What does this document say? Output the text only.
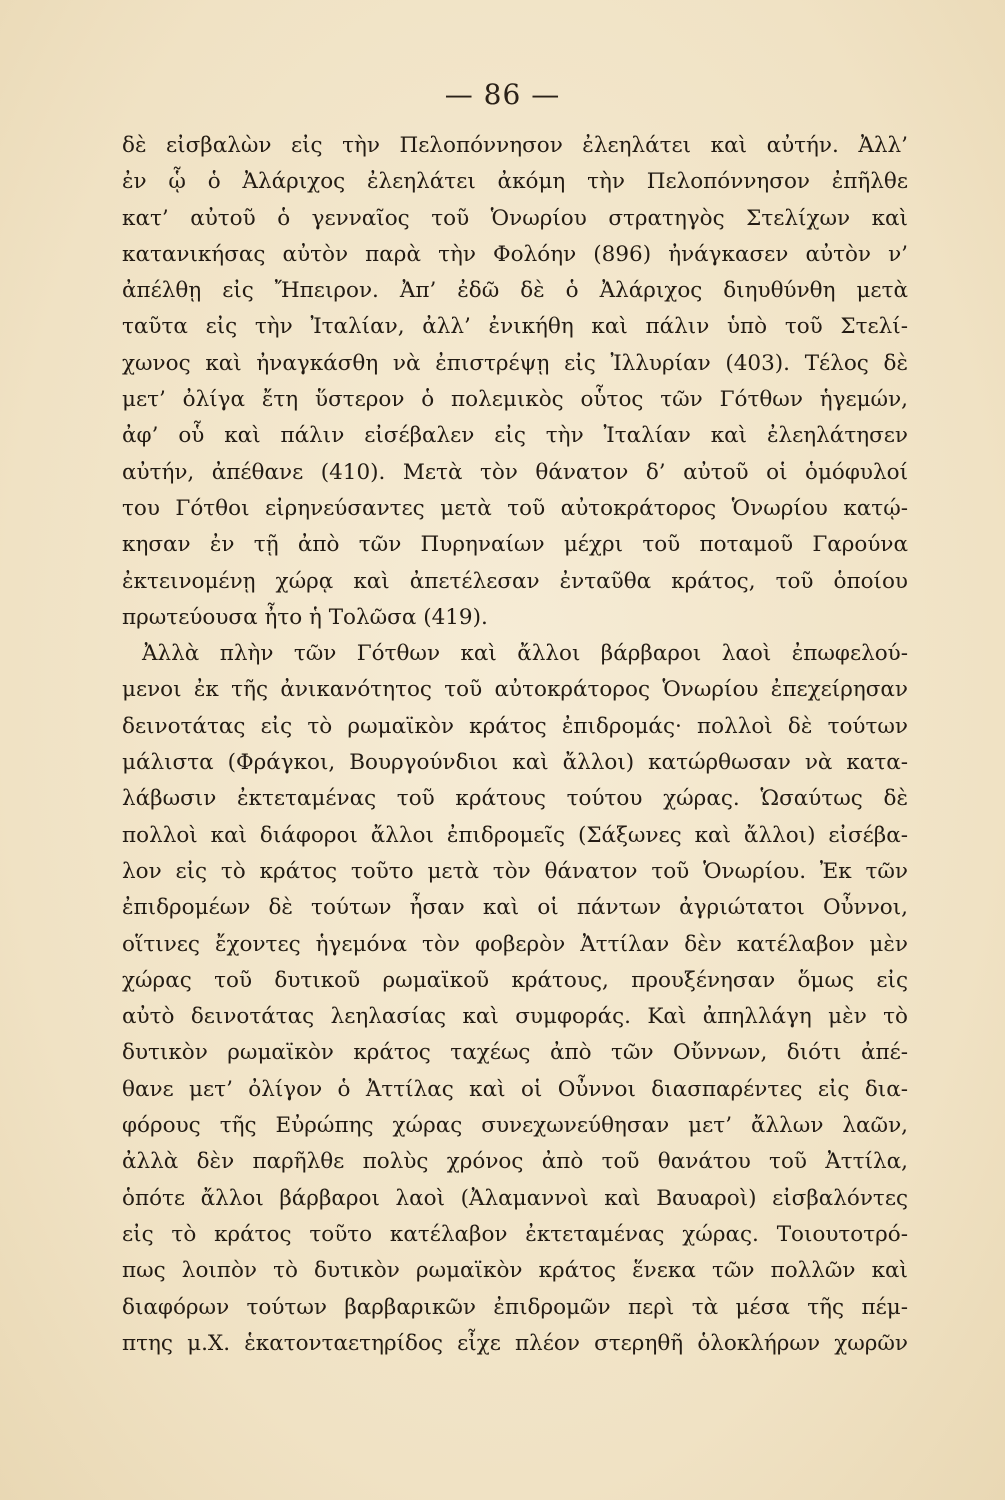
— 86 —
δὲ εἰσβαλὼν εἰς τὴν Πελοπόννησον ἐλεηλάτει καὶ αὐτήν. Ἀλλ’
ἐν ᾧ ὁ Ἀλάριχος ἐλεηλάτει ἀκόμη τὴν Πελοπόννησον ἐπῆλθε
κατ’ αὐτοῦ ὁ γενναῖος τοῦ Ὁνωρίου στρατηγὸς Στελίχων καὶ
κατανικήσας αὐτὸν παρὰ τὴν Φολόην (896) ἠνάγκασεν αὐτὸν ν’
ἀπέλθῃ εἰς Ἤπειρον. Ἀπ’ ἐδῶ δὲ ὁ Ἀλάριχος διηυθύνθη μετὰ
ταῦτα εἰς τὴν Ἰταλίαν, ἀλλ’ ἐνικήθη καὶ πάλιν ὑπὸ τοῦ Στελί-
χωνος καὶ ἠναγκάσθη νὰ ἐπιστρέψῃ εἰς Ἰλλυρίαν (403). Τέλος δὲ
μετ’ ὀλίγα ἔτη ὕστερον ὁ πολεμικὸς οὗτος τῶν Γότθων ἡγεμών,
ἀφ’ οὗ καὶ πάλιν εἰσέβαλεν εἰς τὴν Ἰταλίαν καὶ ἐλεηλάτησεν
αὐτήν, ἀπέθανε (410). Μετὰ τὸν θάνατον δ’ αὐτοῦ οἱ ὁμόφυλοί
του Γότθοι εἰρηνεύσαντες μετὰ τοῦ αὐτοκράτορος Ὁνωρίου κατῴ-
κησαν ἐν τῇ ἀπὸ τῶν Πυρηναίων μέχρι τοῦ ποταμοῦ Γαρούνα
ἐκτεινομένῃ χώρᾳ καὶ ἀπετέλεσαν ἐνταῦθα κράτος, τοῦ ὁποίου
πρωτεύουσα ἦτο ἡ Τολῶσα (419).
Ἀλλὰ πλὴν τῶν Γότθων καὶ ἄλλοι βάρβαροι λαοὶ ἐπωφελού-
μενοι ἐκ τῆς ἀνικανότητος τοῦ αὐτοκράτορος Ὁνωρίου ἐπεχείρησαν
δεινοτάτας εἰς τὸ ρωμαϊκὸν κράτος ἐπιδρομάς· πολλοὶ δὲ τούτων
μάλιστα (Φράγκοι, Βουργούνδιοι καὶ ἄλλοι) κατώρθωσαν νὰ κατα-
λάβωσιν ἐκτεταμένας τοῦ κράτους τούτου χώρας. Ὡσαύτως δὲ
πολλοὶ καὶ διάφοροι ἄλλοι ἐπιδρομεῖς (Σάξωνες καὶ ἄλλοι) εἰσέβα-
λον εἰς τὸ κράτος τοῦτο μετὰ τὸν θάνατον τοῦ Ὁνωρίου. Ἐκ τῶν
ἐπιδρομέων δὲ τούτων ἦσαν καὶ οἱ πάντων ἀγριώτατοι Οὖννοι,
οἵτινες ἔχοντες ἡγεμόνα τὸν φοβερὸν Ἀττίλαν δὲν κατέλαβον μὲν
χώρας τοῦ δυτικοῦ ρωμαϊκοῦ κράτους, προυξένησαν ὅμως εἰς
αὐτὸ δεινοτάτας λεηλασίας καὶ συμφοράς. Καὶ ἀπηλλάγη μὲν τὸ
δυτικὸν ρωμαϊκὸν κράτος ταχέως ἀπὸ τῶν Οὔννων, διότι ἀπέ-
θανε μετ’ ὀλίγον ὁ Ἀττίλας καὶ οἱ Οὖννοι διασπαρέντες εἰς δια-
φόρους τῆς Εὐρώπης χώρας συνεχωνεύθησαν μετ’ ἄλλων λαῶν,
ἀλλὰ δὲν παρῆλθε πολὺς χρόνος ἀπὸ τοῦ θανάτου τοῦ Ἀττίλα,
ὁπότε ἄλλοι βάρβαροι λαοὶ (Ἀλαμαννοὶ καὶ Βαυαροὶ) εἰσβαλόντες
εἰς τὸ κράτος τοῦτο κατέλαβον ἐκτεταμένας χώρας. Τοιουτοτρό-
πως λοιπὸν τὸ δυτικὸν ρωμαϊκὸν κράτος ἕνεκα τῶν πολλῶν καὶ
διαφόρων τούτων βαρβαρικῶν ἐπιδρομῶν περὶ τὰ μέσα τῆς πέμ-
πτης μ.Χ. ἑκατονταετηρίδος εἶχε πλέον στερηθῆ ὁλοκλήρων χωρῶν
